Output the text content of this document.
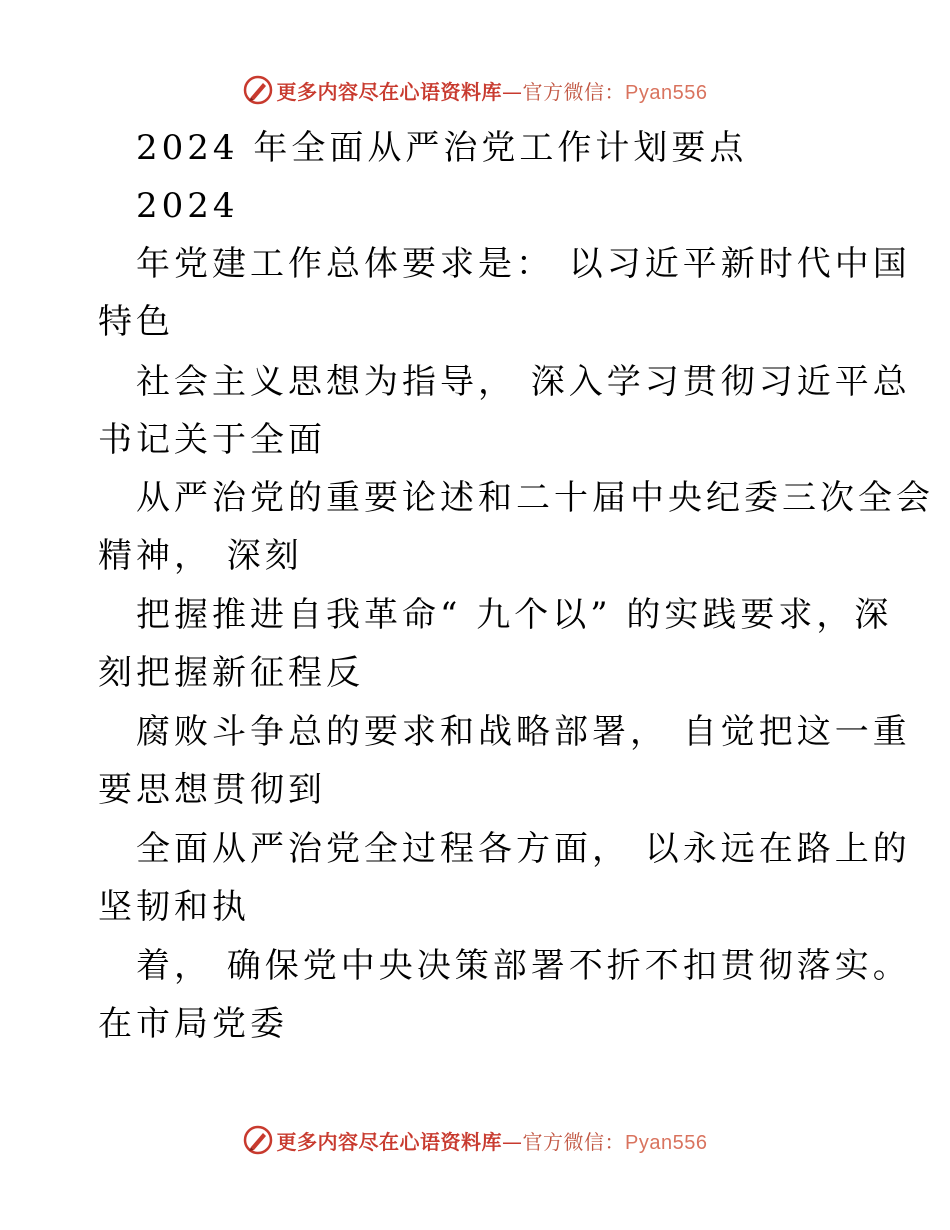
更多内容尽在心语资料库—官方微信：Pyan556
2024 年全面从严治党工作计划要点
2024
年党建工作总体要求是： 以习近平新时代中国
特色
社会主义思想为指导， 深入学习贯彻习近平总
书记关于全面
从严治党的重要论述和二十届中央纪委三次全会
精神， 深刻
把握推进自我革命“ 九个以” 的实践要求，深
刻把握新征程反
腐败斗争总的要求和战略部署， 自觉把这一重
要思想贯彻到
全面从严治党全过程各方面， 以永远在路上的
坚韧和执
着， 确保党中央决策部署不折不扣贯彻落实。
在市局党委
更多内容尽在心语资料库—官方微信：Pyan556
